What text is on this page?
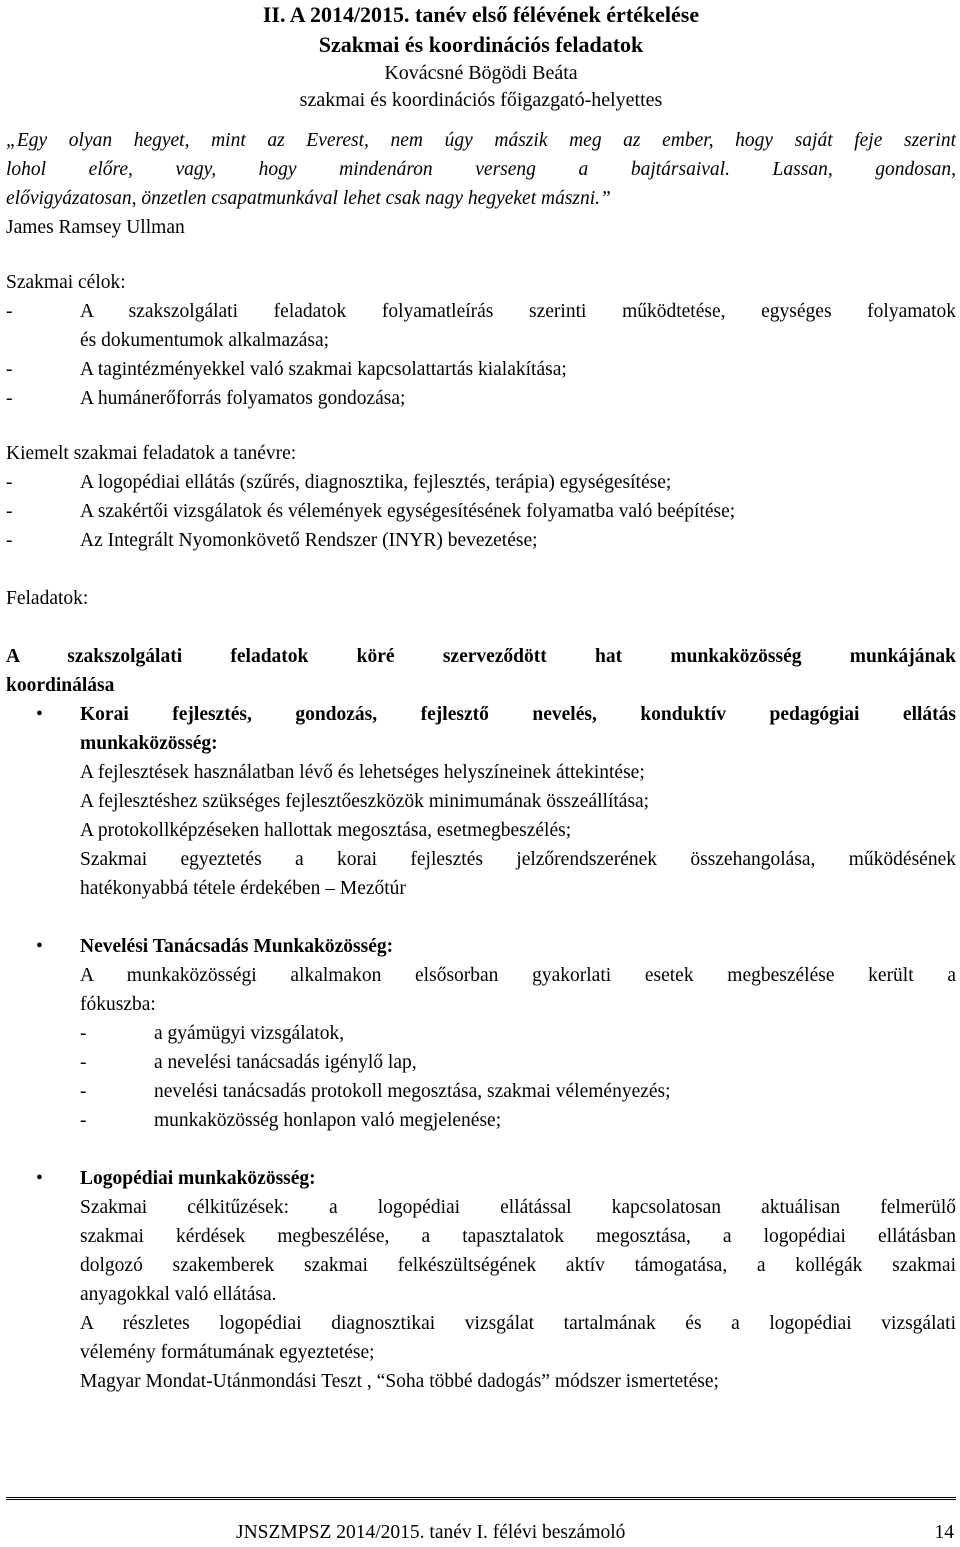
II. A 2014/2015. tanév első félévének értékelése
Szakmai és koordinációs feladatok
Kovácsné Bögödi Beáta
szakmai és koordinációs főigazgató-helyettes
„Egy olyan hegyet, mint az Everest, nem úgy mászik meg az ember, hogy saját feje szerint
lohol előre, vagy, hogy mindenáron verseng a bajtársaival. Lassan, gondosan,
elővigyázatosan, önzetlen csapatmunkával lehet csak nagy hegyeket mászni.”
James Ramsey Ullman
Szakmai célok:
-	A szakszolgálati feladatok folyamatleírás szerinti működtetése, egységes folyamatok
és dokumentumok alkalmazása;
-	A tagintézményekkel való szakmai kapcsolattartás kialakítása;
-	A humánerőforrás folyamatos gondozása;
Kiemelt szakmai feladatok a tanévre:
-	A logopédiai ellátás (szűrés, diagnosztika, fejlesztés, terápia) egységesítése;
-	A szakértői vizsgálatok és vélemények egységesítésének folyamatba való beépítése;
-	Az Integrált Nyomonkövető Rendszer (INYR) bevezetése;
Feladatok:
A szakszolgálati feladatok köré szerveződött hat munkaközösség munkájának
koordinálása
•	Korai fejlesztés, gondozás, fejlesztő nevelés, konduktív pedagógiai ellátás
munkaközösség:
A fejlesztések használatban lévő és lehetséges helyszíneinek áttekintése;
A fejlesztéshez szükséges fejlesztőeszközök minimumának összeállítása;
A protokollképzéseken hallottak megosztása, esetmegbeszélés;
Szakmai egyeztetés a korai fejlesztés jelzőrendszerének összehangolása, működésének
hatékonyabbá tétele érdekében – Mezőtúr
•	Nevelési Tanácsadás Munkaközösség:
A munkaközösségi alkalmakon elsősorban gyakorlati esetek megbeszélése került a
fókuszba:
-	a gyámügyi vizsgálatok,
-	a nevelési tanácsadás igénylő lap,
-	nevelési tanácsadás protokoll megosztása, szakmai véleményezés;
-	munkaközösség honlapon való megjelenése;
•	Logopédiai munkaközösség:
Szakmai célkitűzések: a logopédiai ellátással kapcsolatosan aktuálisan felmerülő
szakmai kérdések megbeszélése, a tapasztalatok megosztása, a logopédiai ellátásban
dolgozó szakemberek szakmai felkészültségének aktív támogatása, a kollégák szakmai
anyagokkal való ellátása.
A részletes logopédiai diagnosztikai vizsgálat tartalmának és a logopédiai vizsgálati
vélemény formátumának egyeztetése;
Magyar Mondat-Utánmondási Teszt , “Soha többé dadogás” módszer ismertetése;
JNSZMPSZ 2014/2015. tanév I. félévi beszámoló	14
